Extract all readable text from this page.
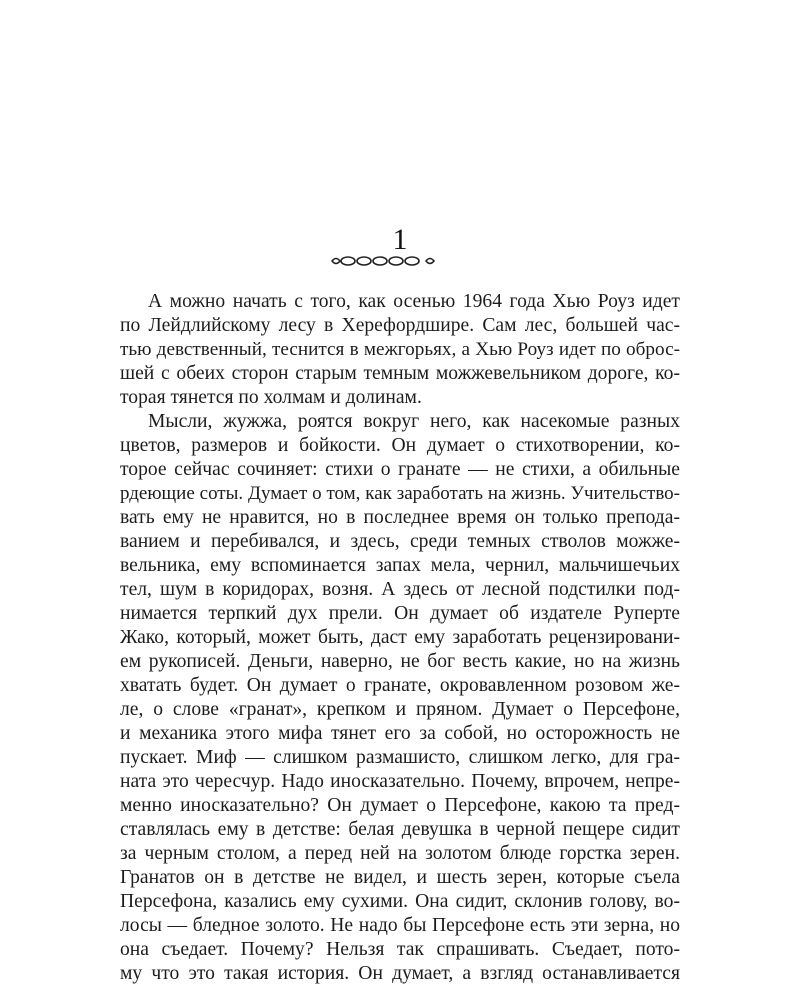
1
А можно начать с того, как осенью 1964 года Хью Роуз идет
по Лейдлийскому лесу в Херефордшире. Сам лес, большей час-
тью девственный, теснится в межгорьях, а Хью Роуз идет по оброс-
шей с обеих сторон старым темным можжевельником дороге, ко-
торая тянется по холмам и долинам.
Мысли, жужжа, роятся вокруг него, как насекомые разных
цветов, размеров и бойкости. Он думает о стихотворении, ко-
торое сейчас сочиняет: стихи о гранате — не стихи, а обильные
рдеющие соты. Думает о том, как заработать на жизнь. Учительство-
вать ему не нравится, но в последнее время он только препода-
ванием и перебивался, и здесь, среди темных стволов можже-
вельника, ему вспоминается запах мела, чернил, мальчишечьих
тел, шум в коридорах, возня. А здесь от лесной подстилки под-
нимается терпкий дух прели. Он думает об издателе Руперте
Жако, который, может быть, даст ему заработать рецензировани-
ем рукописей. Деньги, наверно, не бог весть какие, но на жизнь
хватать будет. Он думает о гранате, окровавленном розовом же-
ле, о слове «гранат», крепком и пряном. Думает о Персефоне,
и механика этого мифа тянет его за собой, но осторожность не
пускает. Миф — слишком размашисто, слишком легко, для гра-
ната это чересчур. Надо иносказательно. Почему, впрочем, непре-
менно иносказательно? Он думает о Персефоне, какою та пред-
ставлялась ему в детстве: белая девушка в черной пещере сидит
за черным столом, а перед ней на золотом блюде горстка зерен.
Гранатов он в детстве не видел, и шесть зерен, которые съела
Персефона, казались ему сухими. Она сидит, склонив голову, во-
лосы — бледное золото. Не надо бы Персефоне есть эти зерна, но
она съедает. Почему? Нельзя так спрашивать. Съедает, пото-
му что это такая история. Он думает, а взгляд останавливается
